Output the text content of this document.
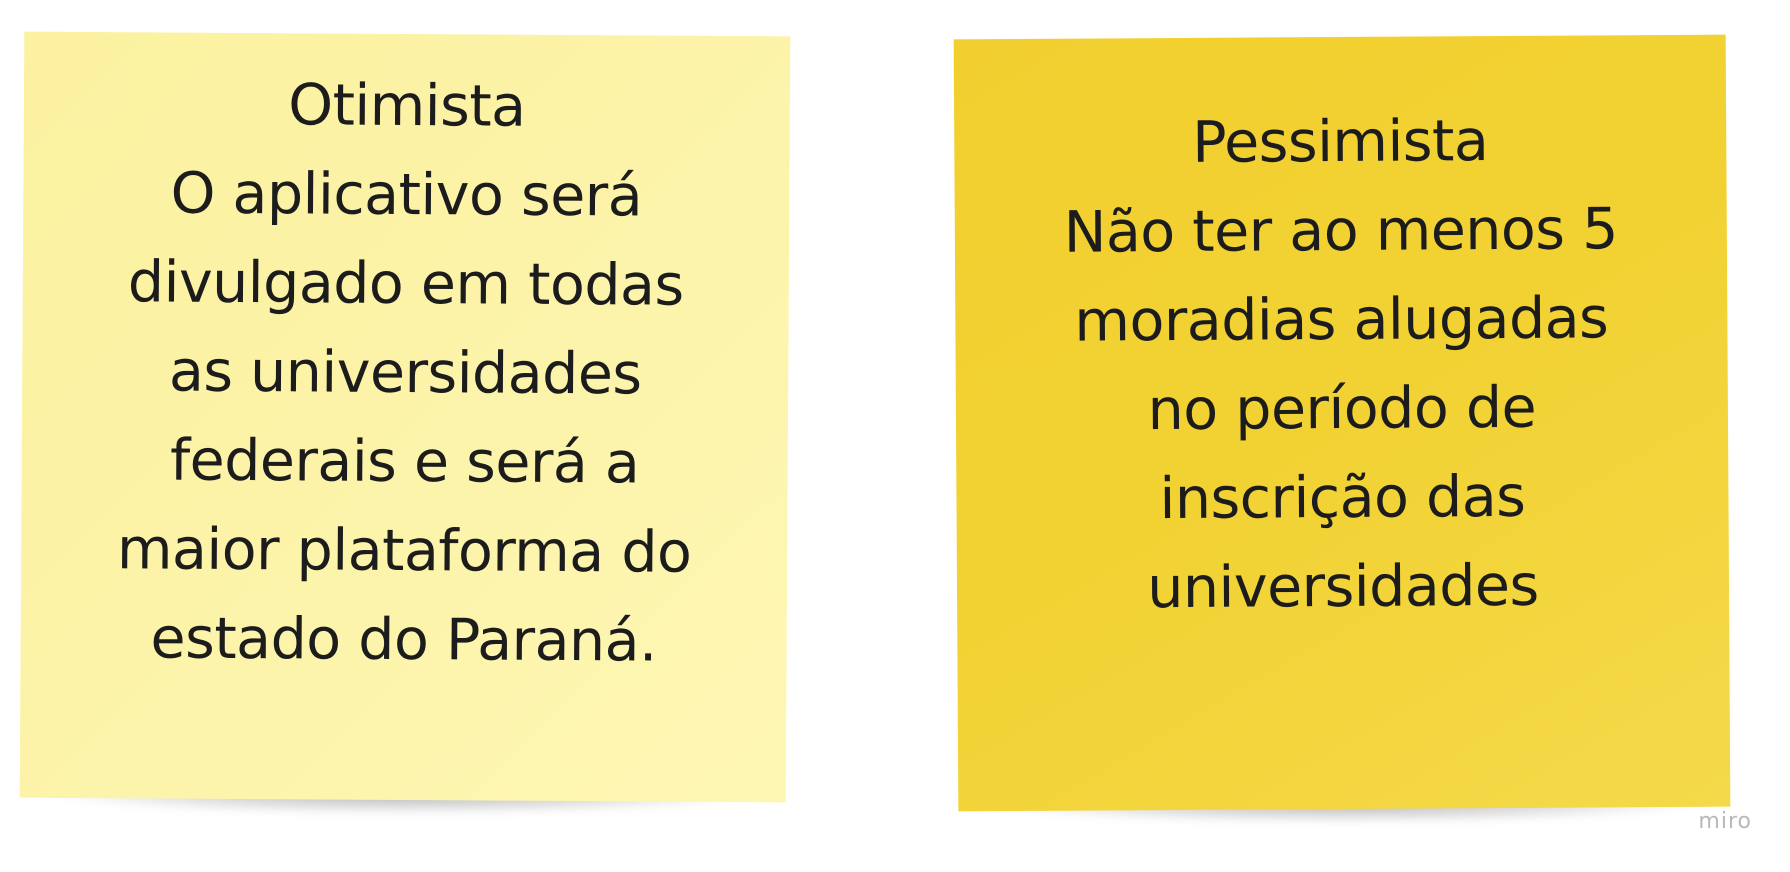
Otimista
O aplicativo será
divulgado em todas
as universidades
federais e será a
maior plataforma do
estado do Paraná.
Pessimista
Não ter ao menos 5
moradias alugadas
no período de
inscrição das
universidades
miro
